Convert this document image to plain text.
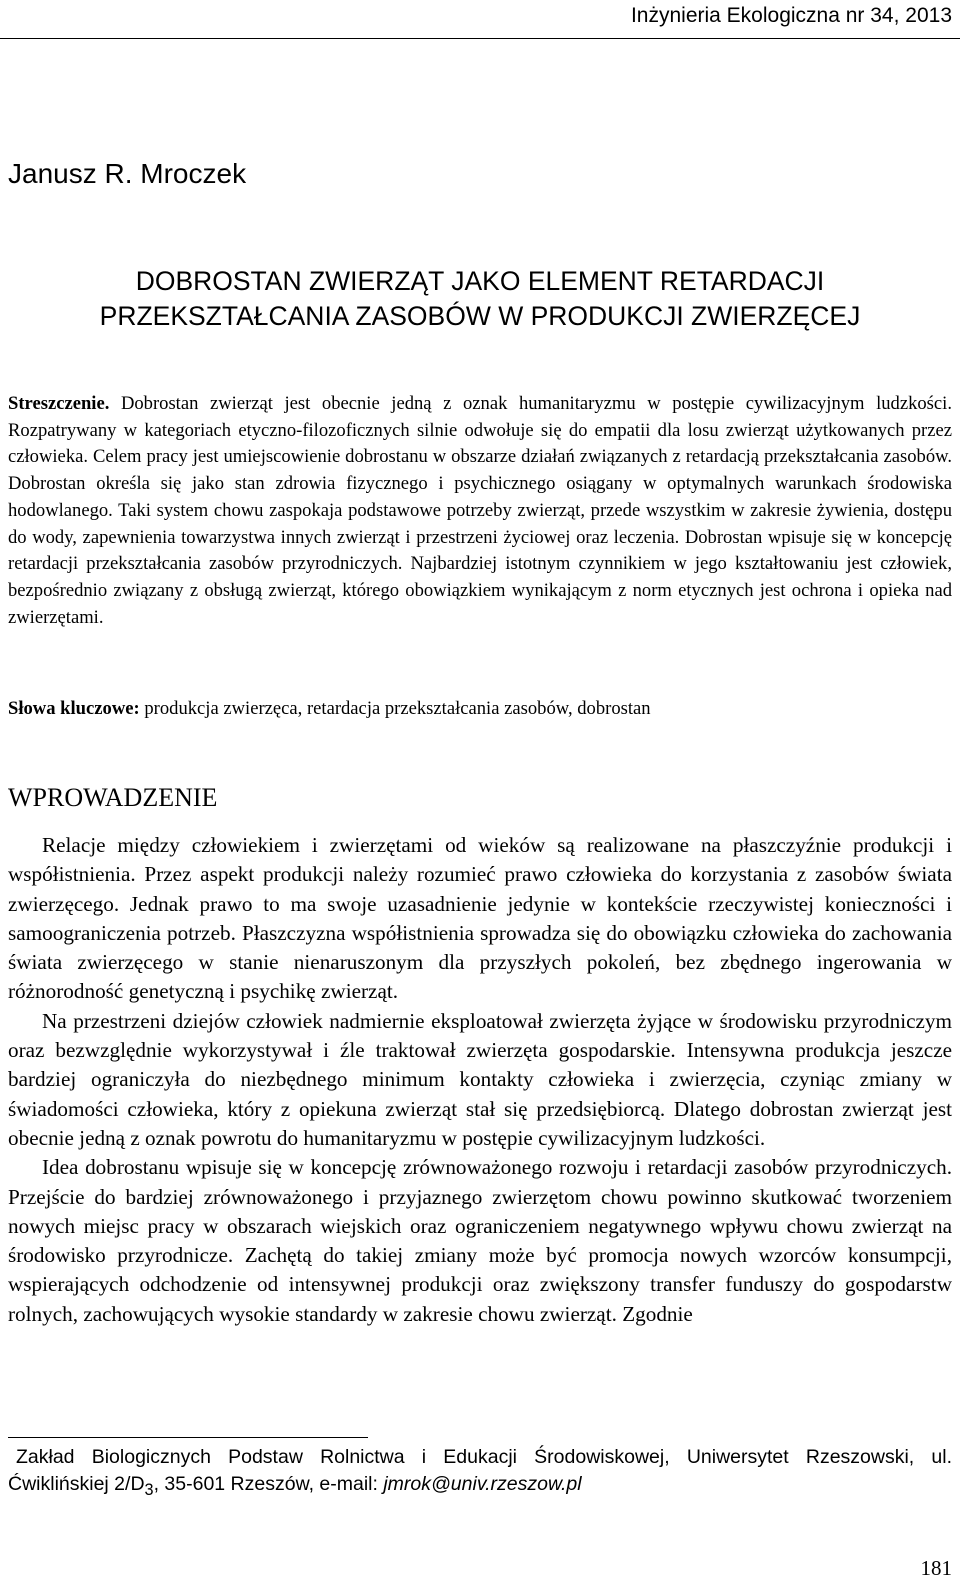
Inżynieria Ekologiczna nr 34, 2013
Janusz R. Mroczek
DOBROSTAN ZWIERZĄT JAKO ELEMENT RETARDACJI
PRZEKSZTAŁCANIA ZASOBÓW W PRODUKCJI ZWIERZĘCEJ

Streszczenie. Dobrostan zwierząt jest obecnie jedną z oznak humanitaryzmu w postępie cywilizacyjnym ludzkości. Rozpatrywany w kategoriach etyczno-filozoficznych silnie odwołuje się do empatii dla losu zwierząt użytkowanych przez człowieka. Celem pracy jest umiejscowienie dobrostanu w obszarze działań związanych z retardacją przekształcania zasobów. Dobrostan określa się jako stan zdrowia fizycznego i psychicznego osiągany w optymalnych warunkach środowiska hodowlanego. Taki system chowu zaspokaja podstawowe potrzeby zwierząt, przede wszystkim w zakresie żywienia, dostępu do wody, zapewnienia towarzystwa innych zwierząt i przestrzeni życiowej oraz leczenia. Dobrostan wpisuje się w koncepcję retardacji przekształcania zasobów przyrodniczych. Najbardziej istotnym czynnikiem w jego kształtowaniu jest człowiek, bezpośrednio związany z obsługą zwierząt, którego obowiązkiem wynikającym z norm etycznych jest ochrona i opieka nad zwierzętami.

Słowa kluczowe: produkcja zwierzęca, retardacja przekształcania zasobów, dobrostan

WPROWADZENIE

Relacje między człowiekiem i zwierzętami od wieków są realizowane na płaszczyźnie produkcji i współistnienia. Przez aspekt produkcji należy rozumieć prawo człowieka do korzystania z zasobów świata zwierzęcego. Jednak prawo to ma swoje uzasadnienie jedynie w kontekście rzeczywistej konieczności i samoograniczenia potrzeb. Płaszczyzna współistnienia sprowadza się do obowiązku człowieka do zachowania świata zwierzęcego w stanie nienaruszonym dla przyszłych pokoleń, bez zbędnego ingerowania w różnorodność genetyczną i psychikę zwierząt.

Na przestrzeni dziejów człowiek nadmiernie eksploatował zwierzęta żyjące w środowisku przyrodniczym oraz bezwzględnie wykorzystywał i źle traktował zwierzęta gospodarskie. Intensywna produkcja jeszcze bardziej ograniczyła do niezbędnego minimum kontakty człowieka i zwierzęcia, czyniąc zmiany w świadomości człowieka, który z opiekuna zwierząt stał się przedsiębiorcą. Dlatego dobrostan zwierząt jest obecnie jedną z oznak powrotu do humanitaryzmu w postępie cywilizacyjnym ludzkości.

Idea dobrostanu wpisuje się w koncepcję zrównoważonego rozwoju i retardacji zasobów przyrodniczych. Przejście do bardziej zrównoważonego i przyjaznego zwierzętom chowu powinno skutkować tworzeniem nowych miejsc pracy w obszarach wiejskich oraz ograniczeniem negatywnego wpływu chowu zwierząt na środowisko przyrodnicze. Zachętą do takiej zmiany może być promocja nowych wzorców konsumpcji, wspierających odchodzenie od intensywnej produkcji oraz zwiększony transfer funduszy do gospodarstw rolnych, zachowujących wysokie standardy w zakresie chowu zwierząt. Zgodnie

Zakład Biologicznych Podstaw Rolnictwa i Edukacji Środowiskowej, Uniwersytet Rzeszowski, ul. Ćwiklińskiej $2/D_3$, 35-601 Rzeszów, e-mail: jmrok@univ.rzeszow.pl

181
